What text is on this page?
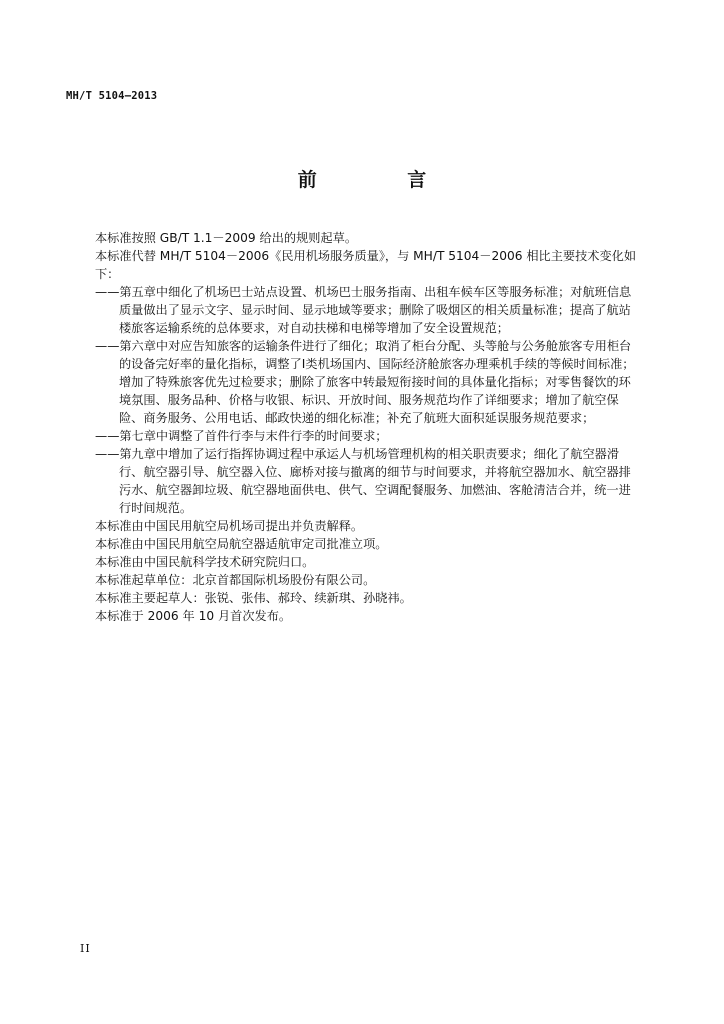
MH/T 5104—2013
前 言

本标准按照 GB/T 1.1－2009 给出的规则起草。

本标准代替 MH/T 5104－2006《民用机场服务质量》，与 MH/T 5104－2006 相比主要技术变化如下：

——第五章中细化了机场巴士站点设置、机场巴士服务指南、出租车候车区等服务标准；对航班信息质量做出了显示文字、显示时间、显示地域等要求；删除了吸烟区的相关质量标准；提高了航站楼旅客运输系统的总体要求，对自动扶梯和电梯等增加了安全设置规范；

——第六章中对应告知旅客的运输条件进行了细化；取消了柜台分配、头等舱与公务舱旅客专用柜台的设备完好率的量化指标，调整了Ⅰ类机场国内、国际经济舱旅客办理乘机手续的等候时间标准；增加了特殊旅客优先过检要求；删除了旅客中转最短衔接时间的具体量化指标；对零售餐饮的环境氛围、服务品种、价格与收银、标识、开放时间、服务规范均作了详细要求；增加了航空保险、商务服务、公用电话、邮政快递的细化标准；补充了航班大面积延误服务规范要求；

——第七章中调整了首件行李与末件行李的时间要求；

——第九章中增加了运行指挥协调过程中承运人与机场管理机构的相关职责要求；细化了航空器滑行、航空器引导、航空器入位、廊桥对接与撤离的细节与时间要求，并将航空器加水、航空器排污水、航空器卸垃圾、航空器地面供电、供气、空调配餐服务、加燃油、客舱清洁合并，统一进行时间规范。

本标准由中国民用航空局机场司提出并负责解释。

本标准由中国民用航空局航空器适航审定司批准立项。

本标准由中国民航科学技术研究院归口。

本标准起草单位：北京首都国际机场股份有限公司。

本标准主要起草人：张锐、张伟、郝玲、续新琪、孙晓祎。

本标准于 2006 年 10 月首次发布。

II
